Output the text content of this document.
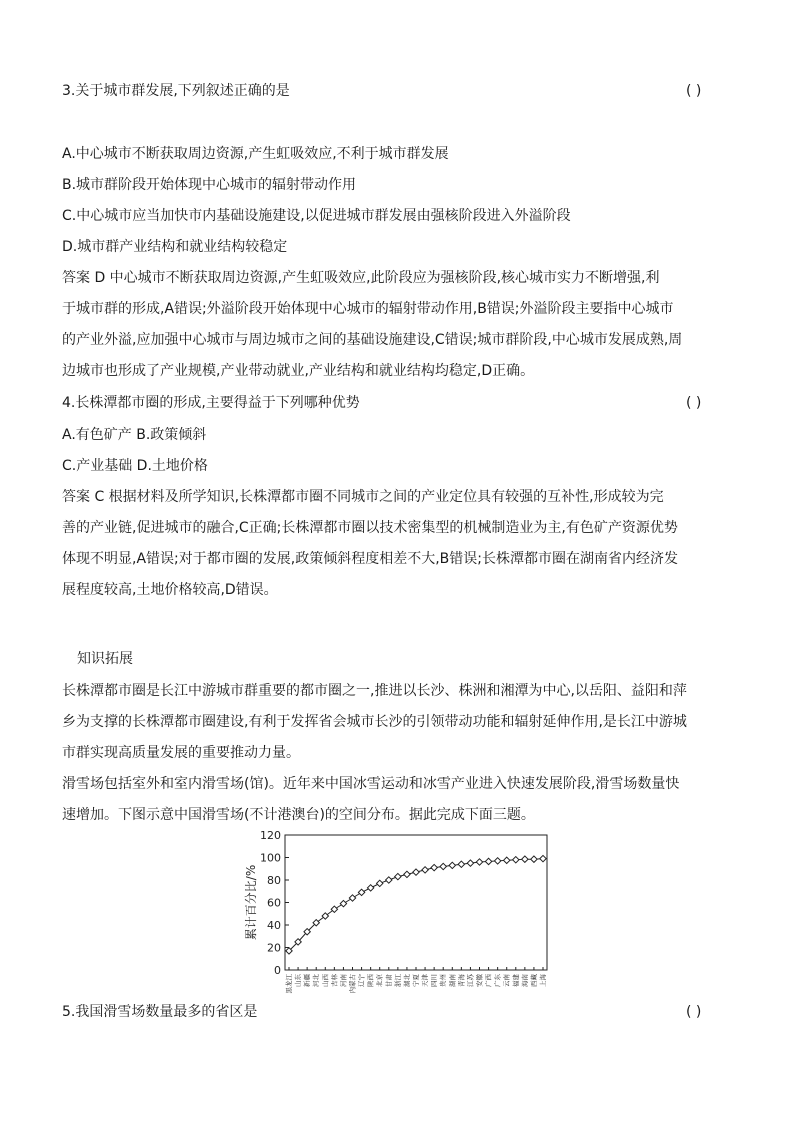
3.关于城市群发展,下列叙述正确的是	( )
A.中心城市不断获取周边资源,产生虹吸效应,不利于城市群发展
B.城市群阶段开始体现中心城市的辐射带动作用
C.中心城市应当加快市内基础设施建设,以促进城市群发展由强核阶段进入外溢阶段
D.城市群产业结构和就业结构较稳定
答案 D 中心城市不断获取周边资源,产生虹吸效应,此阶段应为强核阶段,核心城市实力不断增强,利
于城市群的形成,A错误;外溢阶段开始体现中心城市的辐射带动作用,B错误;外溢阶段主要指中心城市
的产业外溢,应加强中心城市与周边城市之间的基础设施建设,C错误;城市群阶段,中心城市发展成熟,周
边城市也形成了产业规模,产业带动就业,产业结构和就业结构均稳定,D正确。
4.长株潭都市圈的形成,主要得益于下列哪种优势	( )
A.有色矿产 B.政策倾斜
C.产业基础 D.土地价格
答案 C 根据材料及所学知识,长株潭都市圈不同城市之间的产业定位具有较强的互补性,形成较为完
善的产业链,促进城市的融合,C正确;长株潭都市圈以技术密集型的机械制造业为主,有色矿产资源优势
体现不明显,A错误;对于都市圈的发展,政策倾斜程度相差不大,B错误;长株潭都市圈在湖南省内经济发
展程度较高,土地价格较高,D错误。
知识拓展
长株潭都市圈是长江中游城市群重要的都市圈之一,推进以长沙、株洲和湘潭为中心,以岳阳、益阳和萍
乡为支撑的长株潭都市圈建设,有利于发挥省会城市长沙的引领带动功能和辐射延伸作用,是长江中游城
市群实现高质量发展的重要推动力量。
滑雪场包括室外和室内滑雪场(馆)。近年来中国冰雪运动和冰雪产业进入快速发展阶段,滑雪场数量快
速增加。下图示意中国滑雪场(不计港澳台)的空间分布。据此完成下面三题。
0
20
40
60
80
100
120
累计百分比/%
黑龙江 山东 新疆 河北 山西 吉林 河南 内蒙古 辽宁 陕西 北京 甘肃 浙江 湖北 宁夏 天津 四川 贵州 湖南 青海 江苏 安徽 广西 广东 云南 福建 海南 西藏 上海
5.我国滑雪场数量最多的省区是	( )
